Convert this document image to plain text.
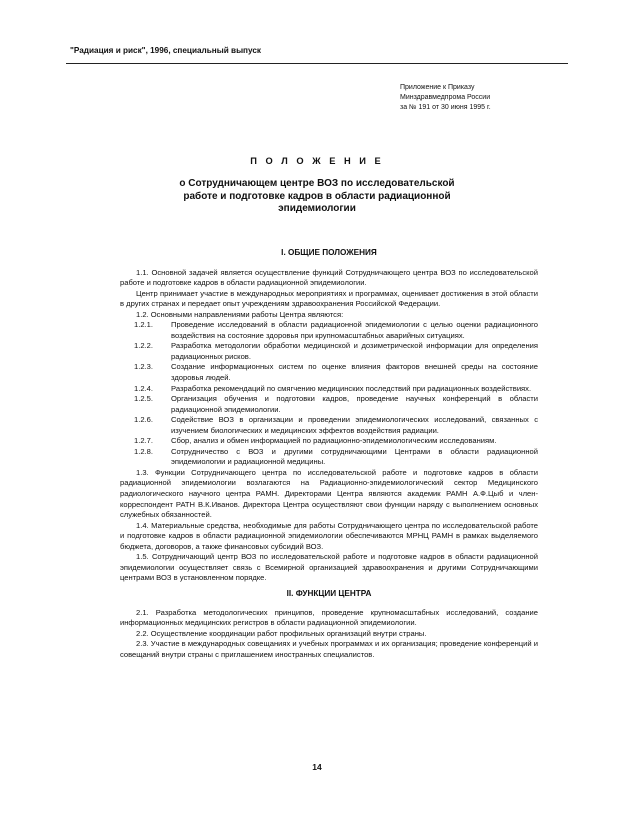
"Радиация и риск", 1996, специальный выпуск
Приложение к Приказу
Минздравмедпрома России
за № 191 от 30 июня 1995 г.
П О Л О Ж Е Н И Е
о Сотрудничающем центре ВОЗ по исследовательской
работе и подготовке кадров в области радиационной
эпидемиологии
I. ОБЩИЕ ПОЛОЖЕНИЯ

1.1. Основной задачей является осуществление функций Сотрудничающего центра ВОЗ по исследовательской работе и подготовке кадров в области радиационной эпидемиологии.

Центр принимает участие в международных мероприятиях и программах, оценивает достижения в этой области в других странах и передает опыт учреждениям здравоохранения Российской Федерации.

1.2. Основными направлениями работы Центра являются:

1.2.1.	Проведение исследований в области радиационной эпидемиологии с целью оценки радиационного воздействия на состояние здоровья при крупномасштабных аварийных ситуациях.
1.2.2.	Разработка методологии обработки медицинской и дозиметрической информации для определения радиационных рисков.
1.2.3.	Создание информационных систем по оценке влияния факторов внешней среды на состояние здоровья людей.
1.2.4.	Разработка рекомендаций по смягчению медицинских последствий при радиационных воздействиях.
1.2.5.	Организация обучения и подготовки кадров, проведение научных конференций в области радиационной эпидемиологии.
1.2.6.	Содействие ВОЗ в организации и проведении эпидемиологических исследований, связанных с изучением биологических и медицинских эффектов воздействия радиации.
1.2.7.	Сбор, анализ и обмен информацией по радиационно-эпидемиологическим исследованиям.
1.2.8.	Сотрудничество с ВОЗ и другими сотрудничающими Центрами в области радиационной эпидемиологии и радиационной медицины.

1.3. Функции Сотрудничающего центра по исследовательской работе и подготовке кадров в области радиационной эпидемиологии возлагаются на Радиационно-эпидемиологический сектор Медицинского радиологического научного центра РАМН. Директорами Центра являются академик РАМН А.Ф.Цыб и член-корреспондент РАТН В.К.Иванов. Директора Центра осуществляют свои функции наряду с выполнением основных служебных обязанностей.

1.4. Материальные средства, необходимые для работы Сотрудничающего центра по исследовательской работе и подготовке кадров в области радиационной эпидемиологии обеспечиваются МРНЦ РАМН в рамках выделяемого бюджета, договоров, а также финансовых субсидий ВОЗ.

1.5. Сотрудничающий центр ВОЗ по исследовательской работе и подготовке кадров в области радиационной эпидемиологии осуществляет связь с Всемирной организацией здравоохранения и другими Сотрудничающими центрами ВОЗ в установленном порядке.

II. ФУНКЦИИ ЦЕНТРА

2.1. Разработка методологических принципов, проведение крупномасштабных исследований, создание информационных медицинских регистров в области радиационной эпидемиологии.

2.2. Осуществление координации работ профильных организаций внутри страны.

2.3. Участие в международных совещаниях и учебных программах и их организация; проведение конференций и совещаний внутри страны с приглашением иностранных специалистов.

14
